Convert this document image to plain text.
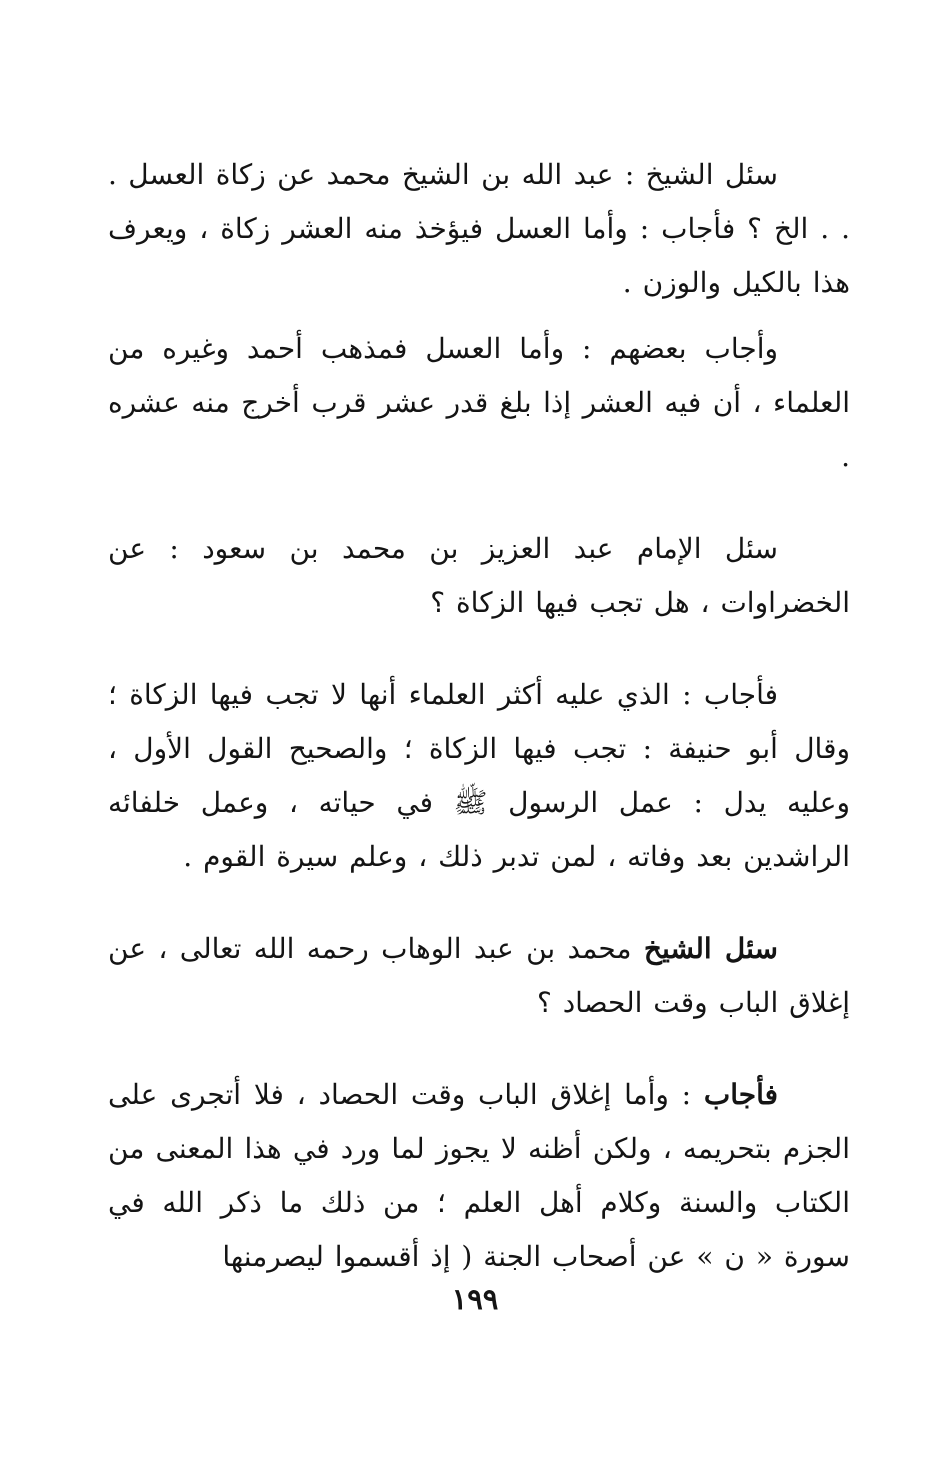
سئل الشيخ : عبد الله بن الشيخ محمد عن زكاة العسل . . . الخ ؟ فأجاب : وأما العسل فيؤخذ منه العشر زكاة ، ويعرف هذا بالكيل والوزن .

وأجاب بعضهم : وأما العسل فمذهب أحمد وغيره من العلماء ، أن فيه العشر إذا بلغ قدر عشر قرب أخرج منه عشره .

سئل الإمام عبد العزيز بن محمد بن سعود : عن الخضراوات ، هل تجب فيها الزكاة ؟

فأجاب : الذي عليه أكثر العلماء أنها لا تجب فيها الزكاة ؛ وقال أبو حنيفة : تجب فيها الزكاة ؛ والصحيح القول الأول ، وعليه يدل : عمل الرسول ﷺ في حياته ، وعمل خلفائه الراشدين بعد وفاته ، لمن تدبر ذلك ، وعلم سيرة القوم .

سئل الشيخ محمد بن عبد الوهاب رحمه الله تعالى ، عن إغلاق الباب وقت الحصاد ؟

فأجاب : وأما إغلاق الباب وقت الحصاد ، فلا أتجرى على الجزم بتحريمه ، ولكن أظنه لا يجوز لما ورد في هذا المعنى من الكتاب والسنة وكلام أهل العلم ؛ من ذلك ما ذكر الله في سورة « ن » عن أصحاب الجنة ( إذ أقسموا ليصرمنها

١٩٩
